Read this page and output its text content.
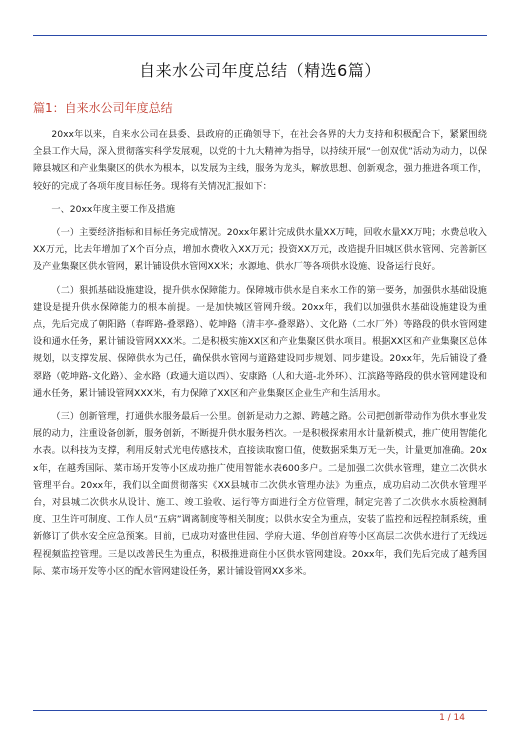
自来水公司年度总结（精选6篇）
篇1：自来水公司年度总结

20xx年以来，自来水公司在县委、县政府的正确领导下，在社会各界的大力支持和积极配合下，紧紧围绕全县工作大局，深入贯彻落实科学发展观，以党的十九大精神为指导，以持续开展“一创双优”活动为动力，以保障县城区和产业集聚区的供水为根本，以发展为主线，服务为龙头，解放思想、创新观念，强力推进各项工作，较好的完成了各项年度目标任务。现将有关情况汇报如下：

一、20xx年度主要工作及措施

（一）主要经济指标和目标任务完成情况。20xx年累计完成供水量XX万吨，回收水量XX万吨；水费总收入XX万元，比去年增加了X个百分点，增加水费收入XX万元；投资XX万元，改造提升旧城区供水管网、完善新区及产业集聚区供水管网，累计铺设供水管网XX米；水源地、供水厂等各项供水设施、设备运行良好。

（二）狠抓基础设施建设，提升供水保障能力。保障城市供水是自来水工作的第一要务，加强供水基础设施建设是提升供水保障能力的根本前提。一是加快城区管网升级。20xx年，我们以加强供水基础设施建设为重点，先后完成了朝阳路（春晖路-叠翠路）、乾坤路（清丰亭-叠翠路）、文化路（二水厂外）等路段的供水管网建设和通水任务，累计铺设管网XXX米。二是积极实施XX区和产业集聚区供水项目。根据XX区和产业集聚区总体规划，以支撑发展、保障供水为己任，确保供水管网与道路建设同步规划、同步建设。20xx年，先后铺设了叠翠路（乾坤路-文化路）、金水路（政通大道以西）、安康路（人和大道-北外环）、江滨路等路段的供水管网建设和通水任务，累计铺设管网XXX米，有力保障了XX区和产业集聚区企业生产和生活用水。

（三）创新管理，打通供水服务最后一公里。创新是动力之源、跨越之路。公司把创新带动作为供水事业发展的动力，注重设备创新，服务创新，不断提升供水服务档次。一是积极探索用水计量新模式，推广使用智能化水表。以科技为支撑，利用反射式光电传感技术，直接读取窗口值，使数据采集万无一失，计量更加准确。20xx年，在越秀国际、菜市场开发等小区成功推广使用智能水表600多户。二是加强二次供水管理，建立二次供水管理平台。20xx年，我们以全面贯彻落实《XX县城市二次供水管理办法》为重点，成功启动二次供水管理平台，对县城二次供水从设计、施工、竣工验收、运行等方面进行全方位管理，制定完善了二次供水水质检测制度、卫生许可制度、工作人员“五病”调离制度等相关制度；以供水安全为重点，安装了监控和远程控制系统，重新修订了供水安全应急预案。目前，已成功对盛世佳园、学府大道、华创首府等小区高层二次供水进行了无线远程视频监控管理。三是以改善民生为重点，积极推进商住小区供水管网建设。20xx年，我们先后完成了越秀国际、菜市场开发等小区的配水管网建设任务，累计铺设管网XX多米。

1 / 14
